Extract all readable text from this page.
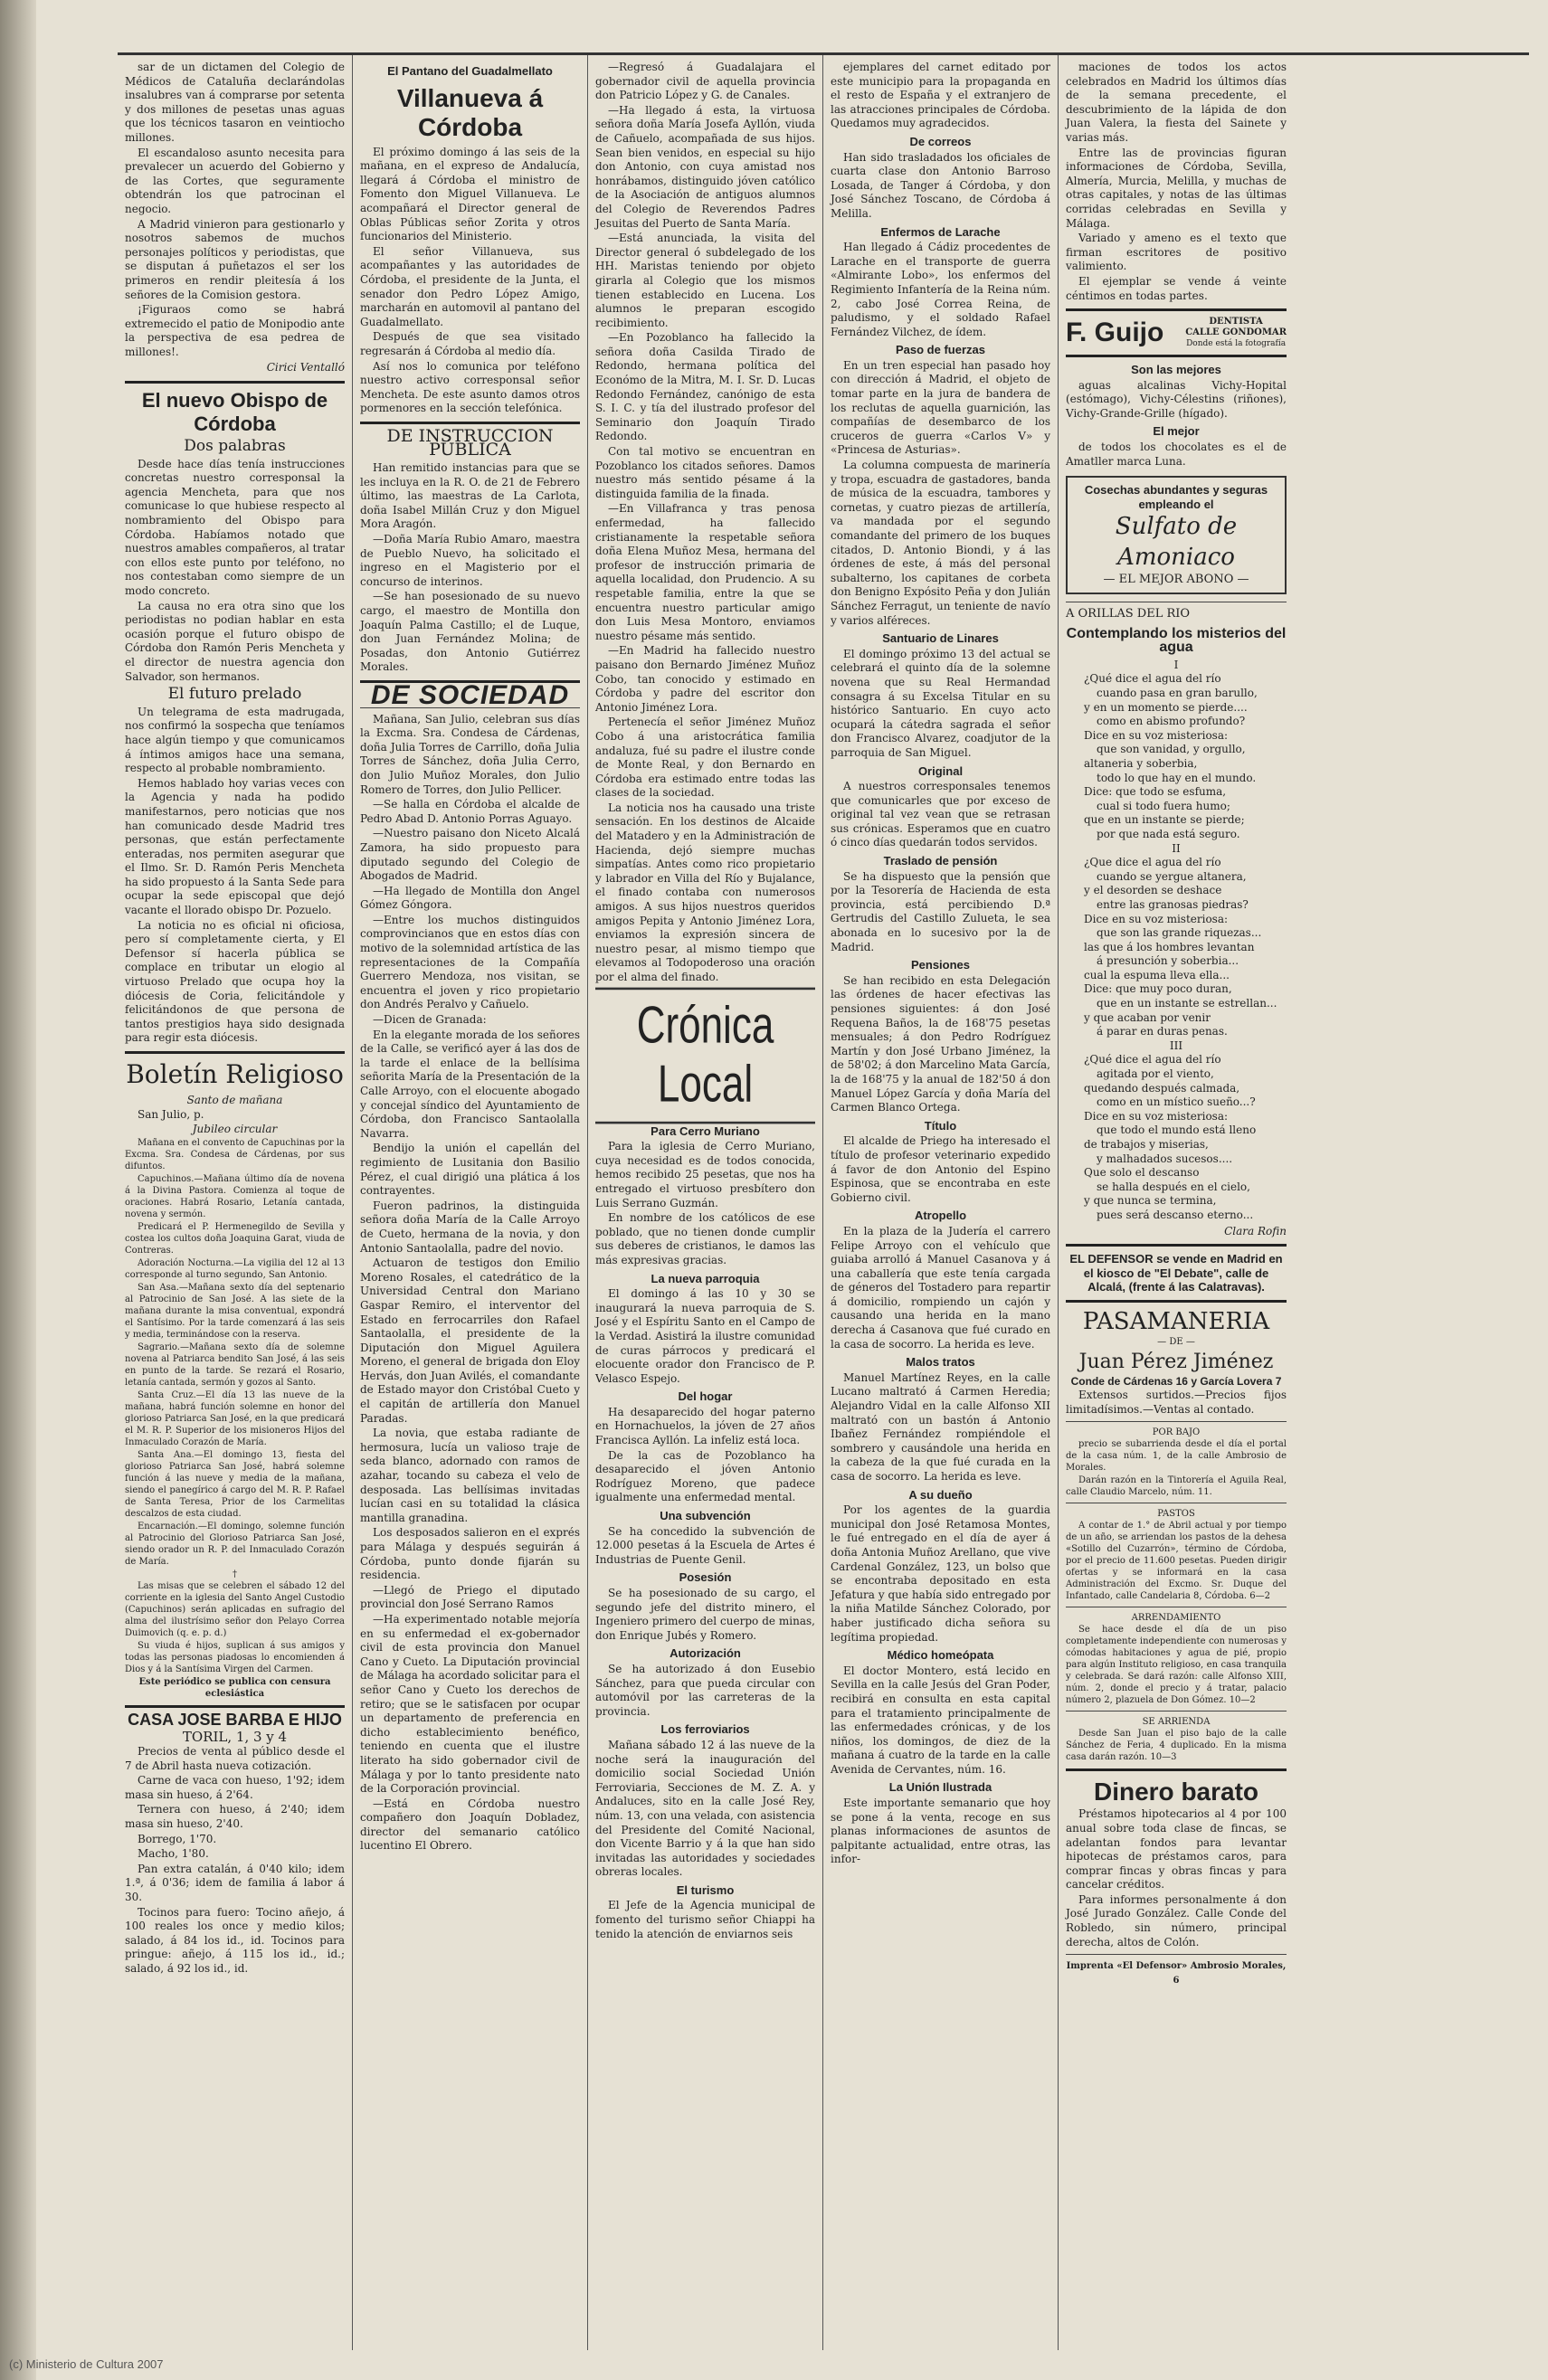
sar de un dictamen del Colegio de Médicos de Cataluña declarándolas insalubres van á comprarse por setenta y dos millones de pesetas unas aguas que los técnicos tasaron en veintiocho millones.

El escandaloso asunto necesita para prevalecer un acuerdo del Gobierno y de las Cortes, que seguramente obtendrán los que patrocinan el negocio.

A Madrid vinieron para gestionarlo y nosotros sabemos de muchos personajes políticos y periodistas, que se disputan á puñetazos el ser los primeros en rendir pleitesía á los señores de la Comision gestora.

¡Figuraos como se habrá extremecido el patio de Monipodio ante la perspectiva de esa pedrea de millones!.

Cirici Ventalló
El nuevo Obispo de Córdoba
Dos palabras

Desde hace días tenía instrucciones concretas nuestro corresponsal la agencia Mencheta, para que nos comunicase lo que hubiese respecto al nombramiento del Obispo para Córdoba. Habíamos notado que nuestros amables compañeros, al tratar con ellos este punto por teléfono, no nos contestaban como siempre de un modo concreto.

La causa no era otra sino que los periodistas no podian hablar en esta ocasión porque el futuro obispo de Córdoba don Ramón Peris Mencheta y el director de nuestra agencia don Salvador, son hermanos.

El futuro prelado

Un telegrama de esta madrugada, nos confirmó la sospecha que teníamos hace algún tiempo y que comunicamos á íntimos amigos hace una semana, respecto al probable nombramiento.

Hemos hablado hoy varias veces con la Agencia y nada ha podido manifestarnos, pero noticias que nos han comunicado desde Madrid tres personas, que están perfectamente enteradas, nos permiten asegurar que el Ilmo. Sr. D. Ramón Peris Mencheta ha sido propuesto á la Santa Sede para ocupar la sede episcopal que dejó vacante el llorado obispo Dr. Pozuelo.

La noticia no es oficial ni oficiosa, pero sí completamente cierta, y El Defensor sí hacerla pública se complace en tributar un elogio al virtuoso Prelado que ocupa hoy la diócesis de Coria, felicitándole y felicitándonos de que persona de tantos prestigios haya sido designada para regir esta diócesis.

Boletín Religioso
Santo de mañana

San Julio, p.

Jubileo circular

Mañana en el convento de Capuchinas por la Excma. Sra. Condesa de Cárdenas, por sus difuntos.

Capuchinos.—Mañana último día de novena á la Divina Pastora. Comienza al toque de oraciones. Habrá Rosario, Letanía cantada, novena y sermón.

Predicará el P. Hermenegildo de Sevilla y costea los cultos doña Joaquina Garat, viuda de Contreras.

Adoración Nocturna.—La vigilia del 12 al 13 corresponde al turno segundo, San Antonio.

San Asa.—Mañana sexto día del septenario al Patrocinio de San José. A las siete de la mañana durante la misa conventual, expondrá el Santísimo. Por la tarde comenzará á las seis y media, terminándose con la reserva.

Sagrario.—Mañana sexto día de solemne novena al Patriarca bendito San José, á las seis en punto de la tarde. Se rezará el Rosario, letanía cantada, sermón y gozos al Santo.

Santa Cruz.—El día 13 las nueve de la mañana, habrá función solemne en honor del glorioso Patriarca San José, en la que predicará el M. R. P. Superior de los misioneros Hijos del Inmaculado Corazón de María.

Santa Ana.—El domingo 13, fiesta del glorioso Patriarca San José, habrá solemne función á las nueve y media de la mañana, siendo el panegírico á cargo del M. R. P. Rafael de Santa Teresa, Prior de los Carmelitas descalzos de esta ciudad.

Encarnación.—El domingo, solemne función al Patrocinio del Glorioso Patriarca San José, siendo orador un R. P. del Inmaculado Corazón de María.

†

Las misas que se celebren el sábado 12 del corriente en la iglesia del Santo Angel Custodio (Capuchinos) serán aplicadas en sufragio del alma del ilustrísimo señor don Pelayo Correa Duimovich (q. e. p. d.)

Su viuda é hijos, suplican á sus amigos y todas las personas piadosas lo encomienden á Dios y á la Santísima Virgen del Carmen.

Este periódico se publica con censura eclesiástica
CASA JOSE BARBA E HIJO
TORIL, 1, 3 y 4

Precios de venta al público desde el 7 de Abril hasta nueva cotización.

Carne de vaca con hueso, 1'92; idem masa sin hueso, á 2'64.

Ternera con hueso, á 2'40; idem masa sin hueso, 2'40.

Borrego, 1'70.

Macho, 1'80.

Pan extra catalán, á 0'40 kilo; idem 1.ª, á 0'36; idem de familia á labor á 30.

Tocinos para fuero: Tocino añejo, á 100 reales los once y medio kilos; salado, á 84 los id., id. Tocinos para pringue: añejo, á 115 los id., id.; salado, á 92 los id., id.

El Pantano del Guadalmellato
Villanueva á Córdoba

El próximo domingo á las seis de la mañana, en el expreso de Andalucía, llegará á Córdoba el ministro de Fomento don Miguel Villanueva. Le acompañará el Director general de Oblas Públicas señor Zorita y otros funcionarios del Ministerio.

El señor Villanueva, sus acompañantes y las autoridades de Córdoba, el presidente de la Junta, el senador don Pedro López Amigo, marcharán en automovil al pantano del Guadalmellato.

Después de que sea visitado regresarán á Córdoba al medio día.

Así nos lo comunica por teléfono nuestro activo corresponsal señor Mencheta. De este asunto damos otros pormenores en la sección telefónica.

DE INSTRUCCION PÚBLICA

Han remitido instancias para que se les incluya en la R. O. de 21 de Febrero último, las maestras de La Carlota, doña Isabel Millán Cruz y don Miguel Mora Aragón.

—Doña María Rubio Amaro, maestra de Pueblo Nuevo, ha solicitado el ingreso en el Magisterio por el concurso de interinos.

—Se han posesionado de su nuevo cargo, el maestro de Montilla don Joaquín Palma Castillo; el de Luque, don Juan Fernández Molina; de Posadas, don Antonio Gutiérrez Morales.

DE SOCIEDAD

Mañana, San Julio, celebran sus días la Excma. Sra. Condesa de Cárdenas, doña Julia Torres de Carrillo, doña Julia Torres de Sánchez, doña Julia Cerro, don Julio Muñoz Morales, don Julio Romero de Torres, don Julio Pellicer.

—Se halla en Córdoba el alcalde de Pedro Abad D. Antonio Porras Aguayo.

—Nuestro paisano don Niceto Alcalá Zamora, ha sido propuesto para diputado segundo del Colegio de Abogados de Madrid.

—Ha llegado de Montilla don Angel Gómez Góngora.

—Entre los muchos distinguidos comprovincianos que en estos días con motivo de la solemnidad artística de las representaciones de la Compañía Guerrero Mendoza, nos visitan, se encuentra el joven y rico propietario don Andrés Peralvo y Cañuelo.

—Dicen de Granada:

En la elegante morada de los señores de la Calle, se verificó ayer á las dos de la tarde el enlace de la bellísima señorita María de la Presentación de la Calle Arroyo, con el elocuente abogado y concejal síndico del Ayuntamiento de Córdoba, don Francisco Santaolalla Navarra.

Bendijo la unión el capellán del regimiento de Lusitania don Basilio Pérez, el cual dirigió una plática á los contrayentes.

Fueron padrinos, la distinguida señora doña María de la Calle Arroyo de Cueto, hermana de la novia, y don Antonio Santaolalla, padre del novio.

Actuaron de testigos don Emilio Moreno Rosales, el catedrático de la Universidad Central don Mariano Gaspar Remiro, el interventor del Estado en ferrocarriles don Rafael Santaolalla, el presidente de la Diputación don Miguel Aguilera Moreno, el general de brigada don Eloy Hervás, don Juan Avilés, el comandante de Estado mayor don Cristóbal Cueto y el capitán de artillería don Manuel Paradas.

La novia, que estaba radiante de hermosura, lucía un valioso traje de seda blanco, adornado con ramos de azahar, tocando su cabeza el velo de desposada. Las bellísimas invitadas lucían casi en su totalidad la clásica mantilla granadina.

Los desposados salieron en el exprés para Málaga y después seguirán á Córdoba, punto donde fijarán su residencia.

—Llegó de Priego el diputado provincial don José Serrano Ramos

—Ha experimentado notable mejoría en su enfermedad el ex-gobernador civil de esta provincia don Manuel Cano y Cueto. La Diputación provincial de Málaga ha acordado solicitar para el señor Cano y Cueto los derechos de retiro; que se le satisfacen por ocupar un departamento de preferencia en dicho establecimiento benéfico, teniendo en cuenta que el ilustre literato ha sido gobernador civil de Málaga y por lo tanto presidente nato de la Corporación provincial.

—Está en Córdoba nuestro compañero don Joaquín Dobladez, director del semanario católico lucentino El Obrero.

—Regresó á Guadalajara el gobernador civil de aquella provincia don Patricio López y G. de Canales.

—Ha llegado á esta, la virtuosa señora doña María Josefa Ayllón, viuda de Cañuelo, acompañada de sus hijos. Sean bien venidos, en especial su hijo don Antonio, con cuya amistad nos honrábamos, distinguido jóven católico de la Asociación de antiguos alumnos del Colegio de Reverendos Padres Jesuitas del Puerto de Santa María.

—Está anunciada, la visita del Director general ó subdelegado de los HH. Maristas teniendo por objeto girarla al Colegio que los mismos tienen establecido en Lucena. Los alumnos le preparan escogido recibimiento.

—En Pozoblanco ha fallecido la señora doña Casilda Tirado de Redondo, hermana política del Económo de la Mitra, M. I. Sr. D. Lucas Redondo Fernández, canónigo de esta S. I. C. y tía del ilustrado profesor del Seminario don Joaquín Tirado Redondo.

Con tal motivo se encuentran en Pozoblanco los citados señores. Damos nuestro más sentido pésame á la distinguida familia de la finada.

—En Villafranca y tras penosa enfermedad, ha fallecido cristianamente la respetable señora doña Elena Muñoz Mesa, hermana del profesor de instrucción primaria de aquella localidad, don Prudencio. A su respetable familia, entre la que se encuentra nuestro particular amigo don Luis Mesa Montoro, enviamos nuestro pésame más sentido.

—En Madrid ha fallecido nuestro paisano don Bernardo Jiménez Muñoz Cobo, tan conocido y estimado en Córdoba y padre del escritor don Antonio Jiménez Lora.

Pertenecía el señor Jiménez Muñoz Cobo á una aristocrática familia andaluza, fué su padre el ilustre conde de Monte Real, y don Bernardo en Córdoba era estimado entre todas las clases de la sociedad.

La noticia nos ha causado una triste sensación. En los destinos de Alcaide del Matadero y en la Administración de Hacienda, dejó siempre muchas simpatías. Antes como rico propietario y labrador en Villa del Río y Bujalance, el finado contaba con numerosos amigos. A sus hijos nuestros queridos amigos Pepita y Antonio Jiménez Lora, enviamos la expresión sincera de nuestro pesar, al mismo tiempo que elevamos al Todopoderoso una oración por el alma del finado.

Crónica Local
Para Cerro Muriano

Para la iglesia de Cerro Muriano, cuya necesidad es de todos conocida, hemos recibido 25 pesetas, que nos ha entregado el virtuoso presbítero don Luis Serrano Guzmán.

En nombre de los católicos de ese poblado, que no tienen donde cumplir sus deberes de cristianos, le damos las más expresivas gracias.

La nueva parroquia

El domingo á las 10 y 30 se inaugurará la nueva parroquia de S. José y el Espíritu Santo en el Campo de la Verdad. Asistirá la ilustre comunidad de curas párrocos y predicará el elocuente orador don Francisco de P. Velasco Espejo.

Del hogar

Ha desaparecido del hogar paterno en Hornachuelos, la jóven de 27 años Francisca Ayllón. La infeliz está loca.

De la cas de Pozoblanco ha desaparecido el jóven Antonio Rodríguez Moreno, que padece igualmente una enfermedad mental.

Una subvención

Se ha concedido la subvención de 12.000 pesetas á la Escuela de Artes é Industrias de Puente Genil.

Posesión

Se ha posesionado de su cargo, el segundo jefe del distrito minero, el Ingeniero primero del cuerpo de minas, don Enrique Jubés y Romero.

Autorización

Se ha autorizado á don Eusebio Sánchez, para que pueda circular con automóvil por las carreteras de la provincia.

Los ferroviarios

Mañana sábado 12 á las nueve de la noche será la inauguración del domicilio social Sociedad Unión Ferroviaria, Secciones de M. Z. A. y Andaluces, sito en la calle José Rey, núm. 13, con una velada, con asistencia del Presidente del Comité Nacional, don Vicente Barrio y á la que han sido invitadas las autoridades y sociedades obreras locales.

El turismo

El Jefe de la Agencia municipal de fomento del turismo señor Chiappi ha tenido la atención de enviarnos seis

ejemplares del carnet editado por este municipio para la propaganda en el resto de España y el extranjero de las atracciones principales de Córdoba. Quedamos muy agradecidos.

De correos

Han sido trasladados los oficiales de cuarta clase don Antonio Barroso Losada, de Tanger á Córdoba, y don José Sánchez Toscano, de Córdoba á Melilla.

Enfermos de Larache

Han llegado á Cádiz procedentes de Larache en el transporte de guerra «Almirante Lobo», los enfermos del Regimiento Infantería de la Reina núm. 2, cabo José Correa Reina, de paludismo, y el soldado Rafael Fernández Vilchez, de ídem.

Paso de fuerzas

En un tren especial han pasado hoy con dirección á Madrid, el objeto de tomar parte en la jura de bandera de los reclutas de aquella guarnición, las compañías de desembarco de los cruceros de guerra «Carlos V» y «Princesa de Asturias».

La columna compuesta de marinería y tropa, escuadra de gastadores, banda de música de la escuadra, tambores y cornetas, y cuatro piezas de artillería, va mandada por el segundo comandante del primero de los buques citados, D. Antonio Biondi, y á las órdenes de este, á más del personal subalterno, los capitanes de corbeta don Benigno Expósito Peña y don Julián Sánchez Ferragut, un teniente de navío y varios alféreces.

Santuario de Linares

El domingo próximo 13 del actual se celebrará el quinto día de la solemne novena que su Real Hermandad consagra á su Excelsa Titular en su histórico Santuario. En cuyo acto ocupará la cátedra sagrada el señor don Francisco Alvarez, coadjutor de la parroquia de San Miguel.

Original

A nuestros corresponsales tenemos que comunicarles que por exceso de original tal vez vean que se retrasan sus crónicas. Esperamos que en cuatro ó cinco días quedarán todos servidos.

Traslado de pensión

Se ha dispuesto que la pensión que por la Tesorería de Hacienda de esta provincia, está percibiendo D.ª Gertrudis del Castillo Zulueta, le sea abonada en lo sucesivo por la de Madrid.

Pensiones

Se han recibido en esta Delegación las órdenes de hacer efectivas las pensiones siguientes: á don José Requena Baños, la de 168'75 pesetas mensuales; á don Pedro Rodríguez Martín y don José Urbano Jiménez, la de 58'02; á don Marcelino Mata García, la de 168'75 y la anual de 182'50 á don Manuel López García y doña María del Carmen Blanco Ortega.

Título

El alcalde de Priego ha interesado el título de profesor veterinario expedido á favor de don Antonio del Espino Espinosa, que se encontraba en este Gobierno civil.

Atropello

En la plaza de la Judería el carrero Felipe Arroyo con el vehículo que guiaba arrolló á Manuel Casanova y á una caballería que este tenía cargada de géneros del Tostadero para repartir á domicilio, rompiendo un cajón y causando una herida en la mano derecha á Casanova que fué curado en la casa de socorro. La herida es leve.

Malos tratos

Manuel Martínez Reyes, en la calle Lucano maltrató á Carmen Heredia; Alejandro Vidal en la calle Alfonso XII maltrató con un bastón á Antonio Ibañez Fernández rompiéndole el sombrero y causándole una herida en la cabeza de la que fué curada en la casa de socorro. La herida es leve.

A su dueño

Por los agentes de la guardia municipal don José Retamosa Montes, le fué entregado en el día de ayer á doña Antonia Muñoz Arellano, que vive Cardenal González, 123, un bolso que se encontraba depositado en esta Jefatura y que había sido entregado por la niña Matilde Sánchez Colorado, por haber justificado dicha señora su legítima propiedad.

Médico homeópata

El doctor Montero, está lecido en Sevilla en la calle Jesús del Gran Poder, recibirá en consulta en esta capital para el tratamiento principalmente de las enfermedades crónicas, y de los niños, los domingos, de diez de la mañana á cuatro de la tarde en la calle Avenida de Cervantes, núm. 16.

La Unión Ilustrada

Este importante semanario que hoy se pone á la venta, recoge en sus planas informaciones de asuntos de palpitante actualidad, entre otras, las infor-

maciones de todos los actos celebrados en Madrid los últimos días de la semana precedente, el descubrimiento de la lápida de don Juan Valera, la fiesta del Sainete y varias más.

Entre las de provincias figuran informaciones de Córdoba, Sevilla, Almería, Murcia, Melilla, y muchas de otras capitales, y notas de las últimas corridas celebradas en Sevilla y Málaga.

Variado y ameno es el texto que firman escritores de positivo valimiento.

El ejemplar se vende á veinte céntimos en todas partes.

F. Guijo	DENTISTA
CALLE GONDOMAR
Donde está la fotografía
Son las mejores

aguas alcalinas Vichy-Hopital (estómago), Vichy-Célestins (riñones), Vichy-Grande-Grille (hígado).

El mejor

de todos los chocolates es el de Amatller marca Luna.

Cosechas abundantes y seguras empleando el
Sulfato de Amoniaco
— EL MEJOR ABONO —
A ORILLAS DEL RIO
Contemplando los misterios del agua
I
¿Qué dice el agua del río
cuando pasa en gran barullo,
y en un momento se pierde....
como en abismo profundo?
Dice en su voz misteriosa:
que son vanidad, y orgullo,
altaneria y soberbia,
todo lo que hay en el mundo.
Dice: que todo se esfuma,
cual si todo fuera humo;
que en un instante se pierde;
por que nada está seguro.
II
¿Que dice el agua del río
cuando se yergue altanera,
y el desorden se deshace
entre las granosas piedras?
Dice en su voz misteriosa:
que son las grande riquezas...
las que á los hombres levantan
á presunción y soberbia...
cual la espuma lleva ella...
Dice: que muy poco duran,
que en un instante se estrellan...
y que acaban por venir
á parar en duras penas.
III
¿Qué dice el agua del río
agitada por el viento,
quedando después calmada,
como en un místico sueño...?
Dice en su voz misteriosa:
que todo el mundo está lleno
de trabajos y miserias,
y malhadados sucesos....
Que solo el descanso
se halla después en el cielo,
y que nunca se termina,
pues será descanso eterno...
Clara Rofin
EL DEFENSOR se vende en Madrid en el kiosco de "El Debate", calle de Alcalá, (frente á las Calatravas).
PASAMANERIA
— DE —
Juan Pérez Jiménez
Conde de Cárdenas 16 y García Lovera 7

Extensos surtidos.—Precios fijos limitadísimos.—Ventas al contado.

POR BAJO

precio se subarrienda desde el día el portal de la casa núm. 1, de la calle Ambrosio de Morales.

Darán razón en la Tintorería el Aguila Real, calle Claudio Marcelo, núm. 11.

PASTOS

A contar de 1.° de Abril actual y por tiempo de un año, se arriendan los pastos de la dehesa «Sotillo del Cuzarrón», término de Córdoba, por el precio de 11.600 pesetas. Pueden dirigir ofertas y se informará en la casa Administración del Excmo. Sr. Duque del Infantado, calle Candelaria 8, Córdoba. 6—2

ARRENDAMIENTO

Se hace desde el día de un piso completamente independiente con numerosas y cómodas habitaciones y agua de pié, propio para algún Instituto religioso, en casa tranquila y celebrada. Se dará razón: calle Alfonso XIII, núm. 2, donde el precio y á tratar, palacio número 2, plazuela de Don Gómez. 10—2

SE ARRIENDA

Desde San Juan el piso bajo de la calle Sánchez de Feria, 4 duplicado. En la misma casa darán razón. 10—3

Dinero barato

Préstamos hipotecarios al 4 por 100 anual sobre toda clase de fincas, se adelantan fondos para levantar hipotecas de préstamos caros, para comprar fincas y obras fincas y para cancelar créditos.

Para informes personalmente á don José Jurado González. Calle Conde del Robledo, sin número, principal derecha, altos de Colón.

Imprenta «El Defensor» Ambrosio Morales, 6
(c) Ministerio de Cultura 2007
